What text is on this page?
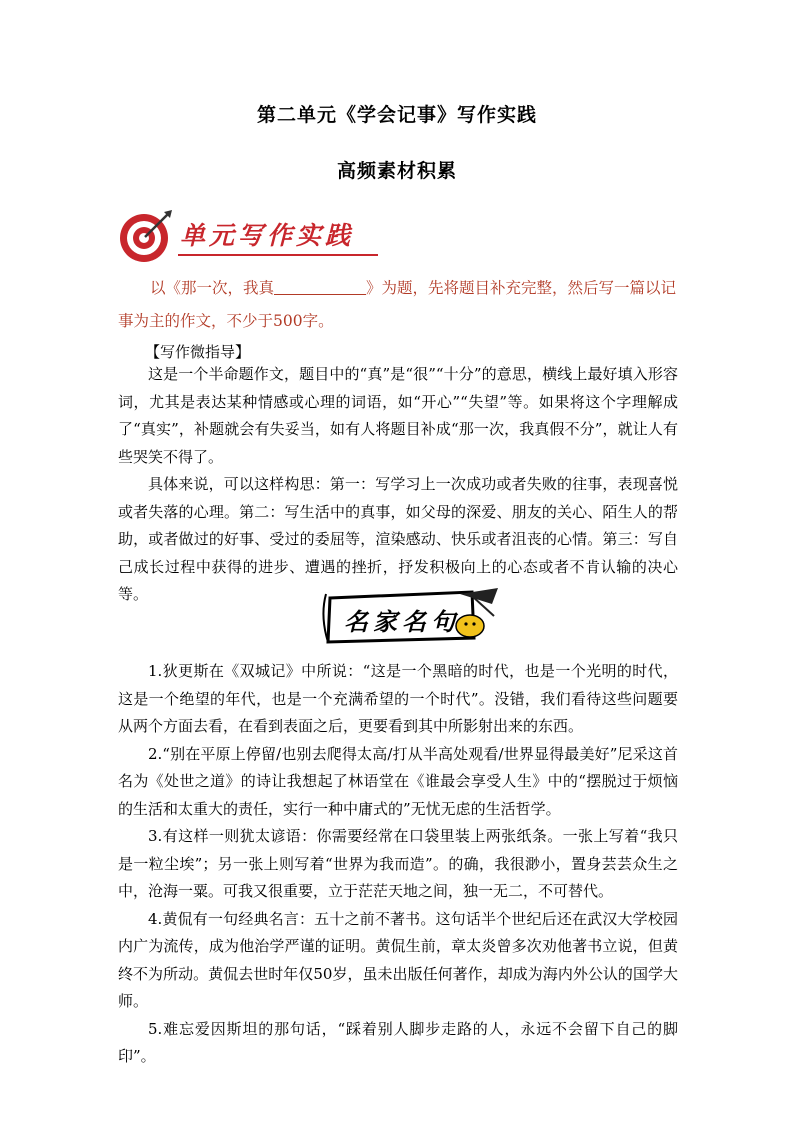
第二单元《学会记事》写作实践
高频素材积累
单元写作实践

以《那一次，我真	》为题，先将题目补充完整，然后写一篇以记事为主的作文，不少于500字。

【写作微指导】

这是一个半命题作文，题目中的“真”是“很”“十分”的意思，横线上最好填入形容词，尤其是表达某种情感或心理的词语，如“开心”“失望”等。如果将这个字理解成了“真实”，补题就会有失妥当，如有人将题目补成“那一次，我真假不分”，就让人有些哭笑不得了。

具体来说，可以这样构思：第一：写学习上一次成功或者失败的往事，表现喜悦或者失落的心理。第二：写生活中的真事，如父母的深爱、朋友的关心、陌生人的帮助，或者做过的好事、受过的委屈等，渲染感动、快乐或者沮丧的心情。第三：写自己成长过程中获得的进步、遭遇的挫折，抒发积极向上的心态或者不肯认输的决心等。

名家名句

1.狄更斯在《双城记》中所说：“这是一个黑暗的时代，也是一个光明的时代，这是一个绝望的年代，也是一个充满希望的一个时代”。没错，我们看待这些问题要从两个方面去看，在看到表面之后，更要看到其中所影射出来的东西。

2.“别在平原上停留/也别去爬得太高/打从半高处观看/世界显得最美好”尼采这首名为《处世之道》的诗让我想起了林语堂在《谁最会享受人生》中的“摆脱过于烦恼的生活和太重大的责任，实行一种中庸式的”无忧无虑的生活哲学。

3.有这样一则犹太谚语：你需要经常在口袋里装上两张纸条。一张上写着“我只是一粒尘埃”；另一张上则写着“世界为我而造”。的确，我很渺小，置身芸芸众生之中，沧海一粟。可我又很重要，立于茫茫天地之间，独一无二，不可替代。

4.黄侃有一句经典名言：五十之前不著书。这句话半个世纪后还在武汉大学校园内广为流传，成为他治学严谨的证明。黄侃生前，章太炎曾多次劝他著书立说，但黄终不为所动。黄侃去世时年仅50岁，虽未出版任何著作，却成为海内外公认的国学大师。

5.难忘爱因斯坦的那句话，“踩着别人脚步走路的人，永远不会留下自己的脚印”。
